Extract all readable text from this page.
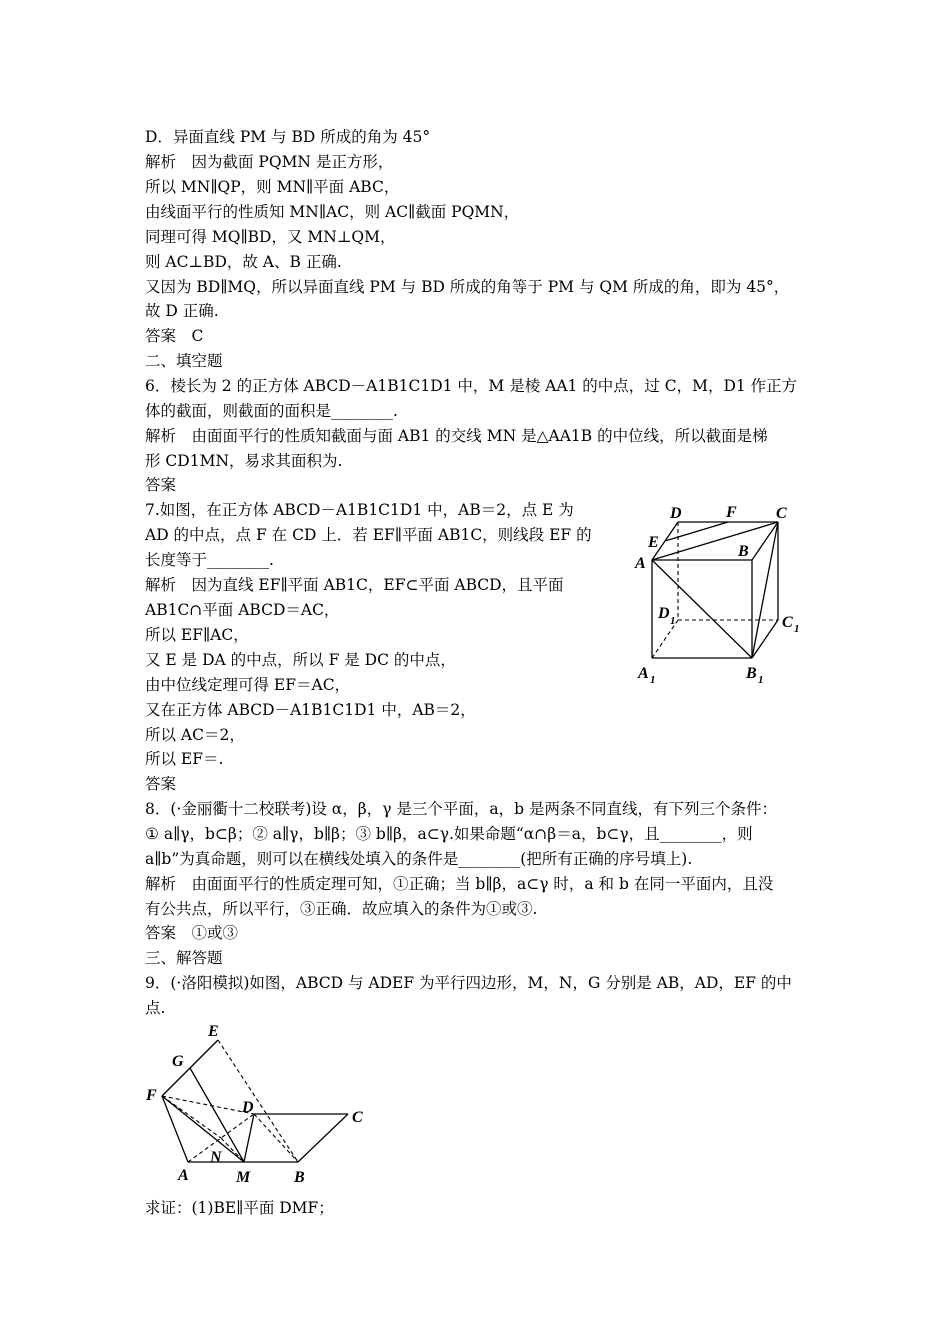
D．异面直线 PM 与 BD 所成的角为 45°
解析　因为截面 PQMN 是正方形，
所以 MN∥QP，则 MN∥平面 ABC，
由线面平行的性质知 MN∥AC，则 AC∥截面 PQMN，
同理可得 MQ∥BD，又 MN⊥QM，
则 AC⊥BD，故 A、B 正确.
又因为 BD∥MQ，所以异面直线 PM 与 BD 所成的角等于 PM 与 QM 所成的角，即为 45°，
故 D 正确.
答案　C
二、填空题
6．棱长为 2 的正方体 ABCD－A1B1C1D1 中，M 是棱 AA1 的中点，过 C，M，D1 作正方
体的截面，则截面的面积是________.
解析　由面面平行的性质知截面与面 AB1 的交线 MN 是△AA1B 的中位线，所以截面是梯
形 CD1MN，易求其面积为.
答案
7.如图，在正方体 ABCD－A1B1C1D1 中，AB＝2，点 E 为
AD 的中点，点 F 在 CD 上．若 EF∥平面 AB1C，则线段 EF 的
长度等于________.
解析　因为直线 EF∥平面 AB1C，EF⊂平面 ABCD，且平面
AB1C∩平面 ABCD＝AC，
所以 EF∥AC，
又 E 是 DA 的中点，所以 F 是 DC 的中点，
由中位线定理可得 EF＝AC，
又在正方体 ABCD－A1B1C1D1 中，AB＝2，
所以 AC＝2，
所以 EF＝.
答案
8．(·金丽衢十二校联考)设 α，β，γ 是三个平面，a，b 是两条不同直线，有下列三个条件：
① a∥γ，b⊂β；② a∥γ，b∥β；③ b∥β，a⊂γ.如果命题“α∩β＝a，b⊂γ，且________，则
a∥b”为真命题，则可以在横线处填入的条件是________(把所有正确的序号填上).
解析　由面面平行的性质定理可知，①正确；当 b∥β，a⊂γ 时，a 和 b 在同一平面内，且没
有公共点，所以平行，③正确．故应填入的条件为①或③.
答案　①或③
三、解答题
9．(·洛阳模拟)如图，ABCD 与 ADEF 为平行四边形，M，N，G 分别是 AB，AD，EF 的中
点.
求证：(1)BE∥平面 DMF；
D	F C
E
B
A
D 1	C 1
A 1	B 1
E
G
F
D
C
N
A	M	B
